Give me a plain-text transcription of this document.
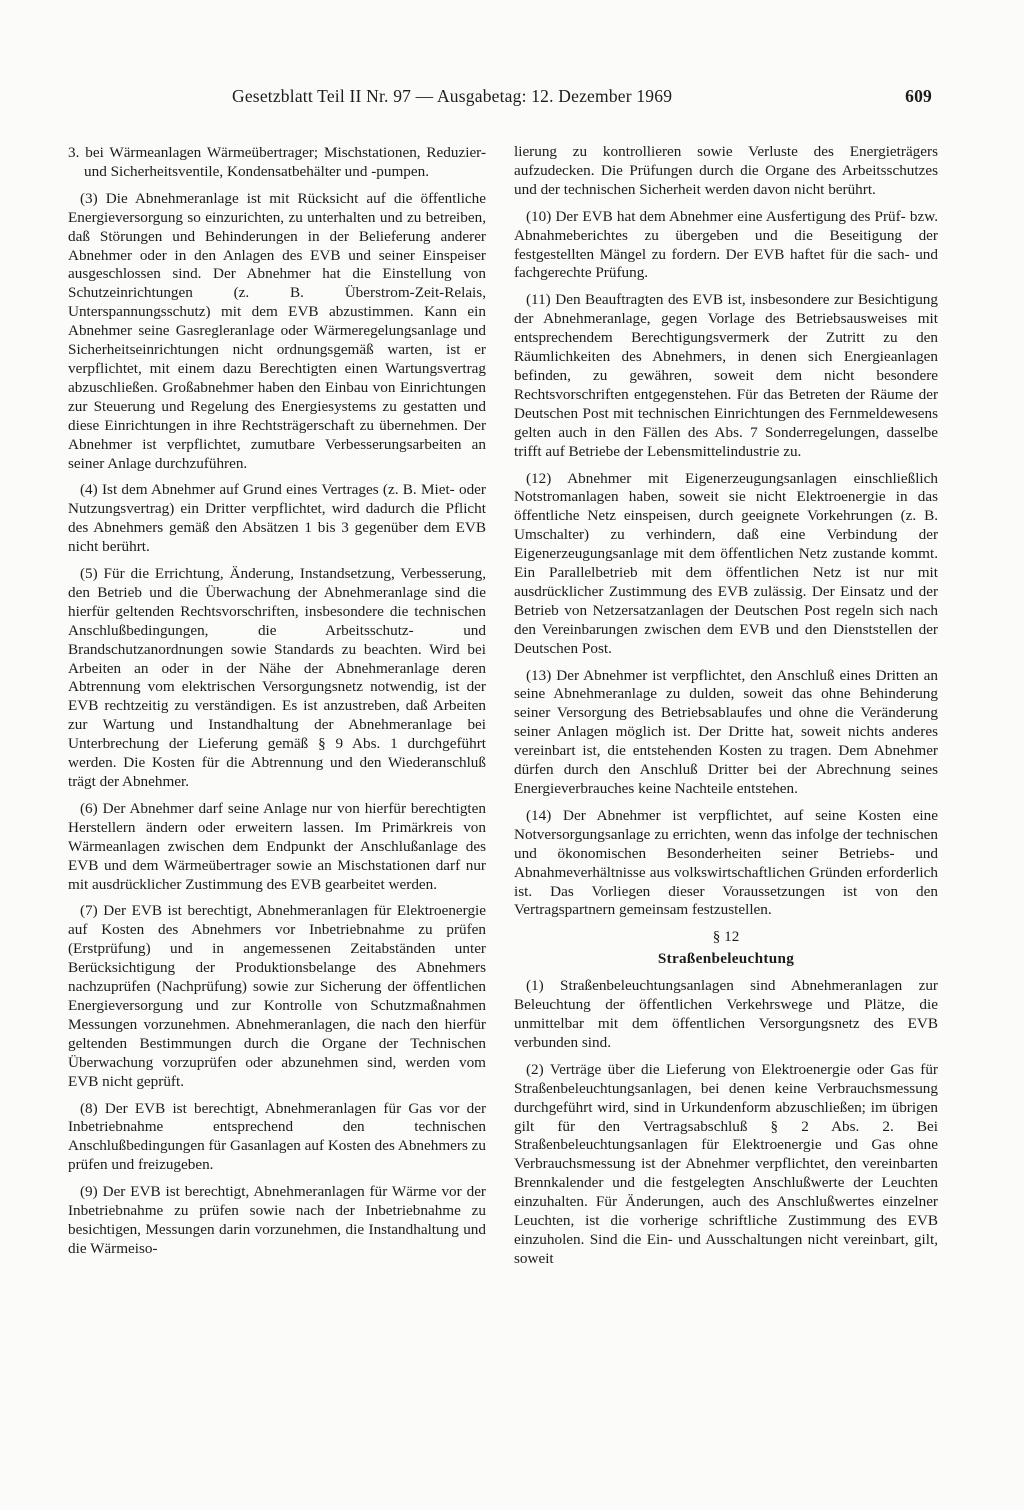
Gesetzblatt Teil II Nr. 97 — Ausgabetag: 12. Dezember 1969	609

3. bei Wärmeanlagen Wärmeübertrager; Mischstationen, Reduzier- und Sicherheitsventile, Kondensatbehälter und -pumpen.

(3) Die Abnehmeranlage ist mit Rücksicht auf die öffentliche Energieversorgung so einzurichten, zu unterhalten und zu betreiben, daß Störungen und Behinderungen in der Belieferung anderer Abnehmer oder in den Anlagen des EVB und seiner Einspeiser ausgeschlossen sind. Der Abnehmer hat die Einstellung von Schutzeinrichtungen (z. B. Überstrom-Zeit-Relais, Unterspannungsschutz) mit dem EVB abzustimmen. Kann ein Abnehmer seine Gasregleranlage oder Wärmeregelungsanlage und Sicherheitseinrichtungen nicht ordnungsgemäß warten, ist er verpflichtet, mit einem dazu Berechtigten einen Wartungsvertrag abzuschließen. Großabnehmer haben den Einbau von Einrichtungen zur Steuerung und Regelung des Energiesystems zu gestatten und diese Einrichtungen in ihre Rechtsträgerschaft zu übernehmen. Der Abnehmer ist verpflichtet, zumutbare Verbesserungsarbeiten an seiner Anlage durchzuführen.

(4) Ist dem Abnehmer auf Grund eines Vertrages (z. B. Miet- oder Nutzungsvertrag) ein Dritter verpflichtet, wird dadurch die Pflicht des Abnehmers gemäß den Absätzen 1 bis 3 gegenüber dem EVB nicht berührt.

(5) Für die Errichtung, Änderung, Instandsetzung, Verbesserung, den Betrieb und die Überwachung der Abnehmeranlage sind die hierfür geltenden Rechtsvorschriften, insbesondere die technischen Anschlußbedingungen, die Arbeitsschutz- und Brandschutzanordnungen sowie Standards zu beachten. Wird bei Arbeiten an oder in der Nähe der Abnehmeranlage deren Abtrennung vom elektrischen Versorgungsnetz notwendig, ist der EVB rechtzeitig zu verständigen. Es ist anzustreben, daß Arbeiten zur Wartung und Instandhaltung der Abnehmeranlage bei Unterbrechung der Lieferung gemäß § 9 Abs. 1 durchgeführt werden. Die Kosten für die Abtrennung und den Wiederanschluß trägt der Abnehmer.

(6) Der Abnehmer darf seine Anlage nur von hierfür berechtigten Herstellern ändern oder erweitern lassen. Im Primärkreis von Wärmeanlagen zwischen dem Endpunkt der Anschlußanlage des EVB und dem Wärmeübertrager sowie an Mischstationen darf nur mit ausdrücklicher Zustimmung des EVB gearbeitet werden.

(7) Der EVB ist berechtigt, Abnehmeranlagen für Elektroenergie auf Kosten des Abnehmers vor Inbetriebnahme zu prüfen (Erstprüfung) und in angemessenen Zeitabständen unter Berücksichtigung der Produktionsbelange des Abnehmers nachzuprüfen (Nachprüfung) sowie zur Sicherung der öffentlichen Energieversorgung und zur Kontrolle von Schutzmaßnahmen Messungen vorzunehmen. Abnehmeranlagen, die nach den hierfür geltenden Bestimmungen durch die Organe der Technischen Überwachung vorzuprüfen oder abzunehmen sind, werden vom EVB nicht geprüft.

(8) Der EVB ist berechtigt, Abnehmeranlagen für Gas vor der Inbetriebnahme entsprechend den technischen Anschlußbedingungen für Gasanlagen auf Kosten des Abnehmers zu prüfen und freizugeben.

(9) Der EVB ist berechtigt, Abnehmeranlagen für Wärme vor der Inbetriebnahme zu prüfen sowie nach der Inbetriebnahme zu besichtigen, Messungen darin vorzunehmen, die Instandhaltung und die Wärmeiso-

lierung zu kontrollieren sowie Verluste des Energieträgers aufzudecken. Die Prüfungen durch die Organe des Arbeitsschutzes und der technischen Sicherheit werden davon nicht berührt.

(10) Der EVB hat dem Abnehmer eine Ausfertigung des Prüf- bzw. Abnahmeberichtes zu übergeben und die Beseitigung der festgestellten Mängel zu fordern. Der EVB haftet für die sach- und fachgerechte Prüfung.

(11) Den Beauftragten des EVB ist, insbesondere zur Besichtigung der Abnehmeranlage, gegen Vorlage des Betriebsausweises mit entsprechendem Berechtigungsvermerk der Zutritt zu den Räumlichkeiten des Abnehmers, in denen sich Energieanlagen befinden, zu gewähren, soweit dem nicht besondere Rechtsvorschriften entgegenstehen. Für das Betreten der Räume der Deutschen Post mit technischen Einrichtungen des Fernmeldewesens gelten auch in den Fällen des Abs. 7 Sonderregelungen, dasselbe trifft auf Betriebe der Lebensmittelindustrie zu.

(12) Abnehmer mit Eigenerzeugungsanlagen einschließlich Notstromanlagen haben, soweit sie nicht Elektroenergie in das öffentliche Netz einspeisen, durch geeignete Vorkehrungen (z. B. Umschalter) zu verhindern, daß eine Verbindung der Eigenerzeugungsanlage mit dem öffentlichen Netz zustande kommt. Ein Parallelbetrieb mit dem öffentlichen Netz ist nur mit ausdrücklicher Zustimmung des EVB zulässig. Der Einsatz und der Betrieb von Netzersatzanlagen der Deutschen Post regeln sich nach den Vereinbarungen zwischen dem EVB und den Dienststellen der Deutschen Post.

(13) Der Abnehmer ist verpflichtet, den Anschluß eines Dritten an seine Abnehmeranlage zu dulden, soweit das ohne Behinderung seiner Versorgung des Betriebsablaufes und ohne die Veränderung seiner Anlagen möglich ist. Der Dritte hat, soweit nichts anderes vereinbart ist, die entstehenden Kosten zu tragen. Dem Abnehmer dürfen durch den Anschluß Dritter bei der Abrechnung seines Energieverbrauches keine Nachteile entstehen.

(14) Der Abnehmer ist verpflichtet, auf seine Kosten eine Notversorgungsanlage zu errichten, wenn das infolge der technischen und ökonomischen Besonderheiten seiner Betriebs- und Abnahmeverhältnisse aus volkswirtschaftlichen Gründen erforderlich ist. Das Vorliegen dieser Voraussetzungen ist von den Vertragspartnern gemeinsam festzustellen.

§ 12
Straßenbeleuchtung

(1) Straßenbeleuchtungsanlagen sind Abnehmeranlagen zur Beleuchtung der öffentlichen Verkehrswege und Plätze, die unmittelbar mit dem öffentlichen Versorgungsnetz des EVB verbunden sind.

(2) Verträge über die Lieferung von Elektroenergie oder Gas für Straßenbeleuchtungsanlagen, bei denen keine Verbrauchsmessung durchgeführt wird, sind in Urkundenform abzuschließen; im übrigen gilt für den Vertragsabschluß § 2 Abs. 2. Bei Straßenbeleuchtungsanlagen für Elektroenergie und Gas ohne Verbrauchsmessung ist der Abnehmer verpflichtet, den vereinbarten Brennkalender und die festgelegten Anschlußwerte der Leuchten einzuhalten. Für Änderungen, auch des Anschlußwertes einzelner Leuchten, ist die vorherige schriftliche Zustimmung des EVB einzuholen. Sind die Ein- und Ausschaltungen nicht vereinbart, gilt, soweit
